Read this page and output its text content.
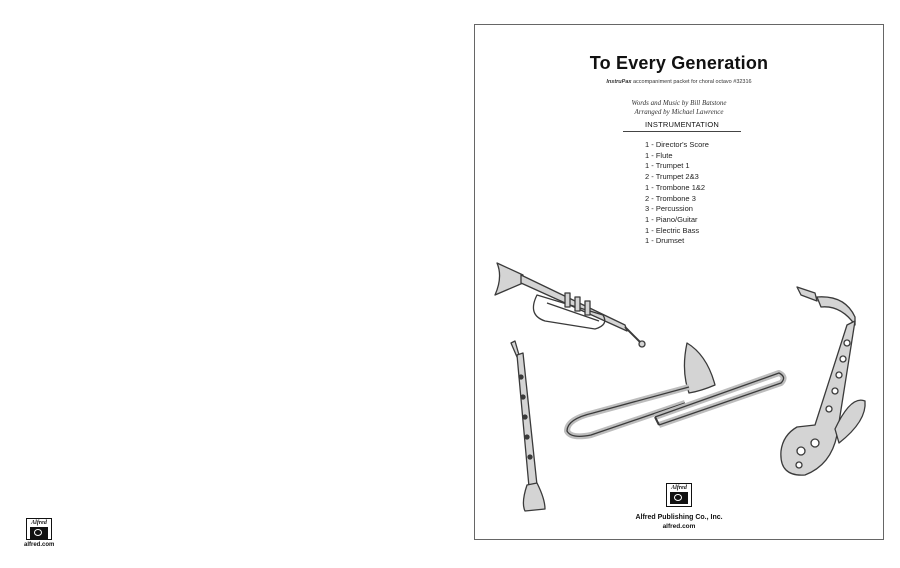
Alfred
alfred.com
To Every Generation
InstruPax accompaniment packet for choral octavo #32316
Words and Music by Bill Batstone
Arranged by Michael Lawrence
INSTRUMENTATION
1 - Director's Score
1 - Flute
1 - Trumpet 1
2 - Trumpet 2&3
1 - Trombone 1&2
2 - Trombone 3
3 - Percussion
1 - Piano/Guitar
1 - Electric Bass
1 - Drumset
Alfred
Alfred Publishing Co., Inc.
alfred.com
